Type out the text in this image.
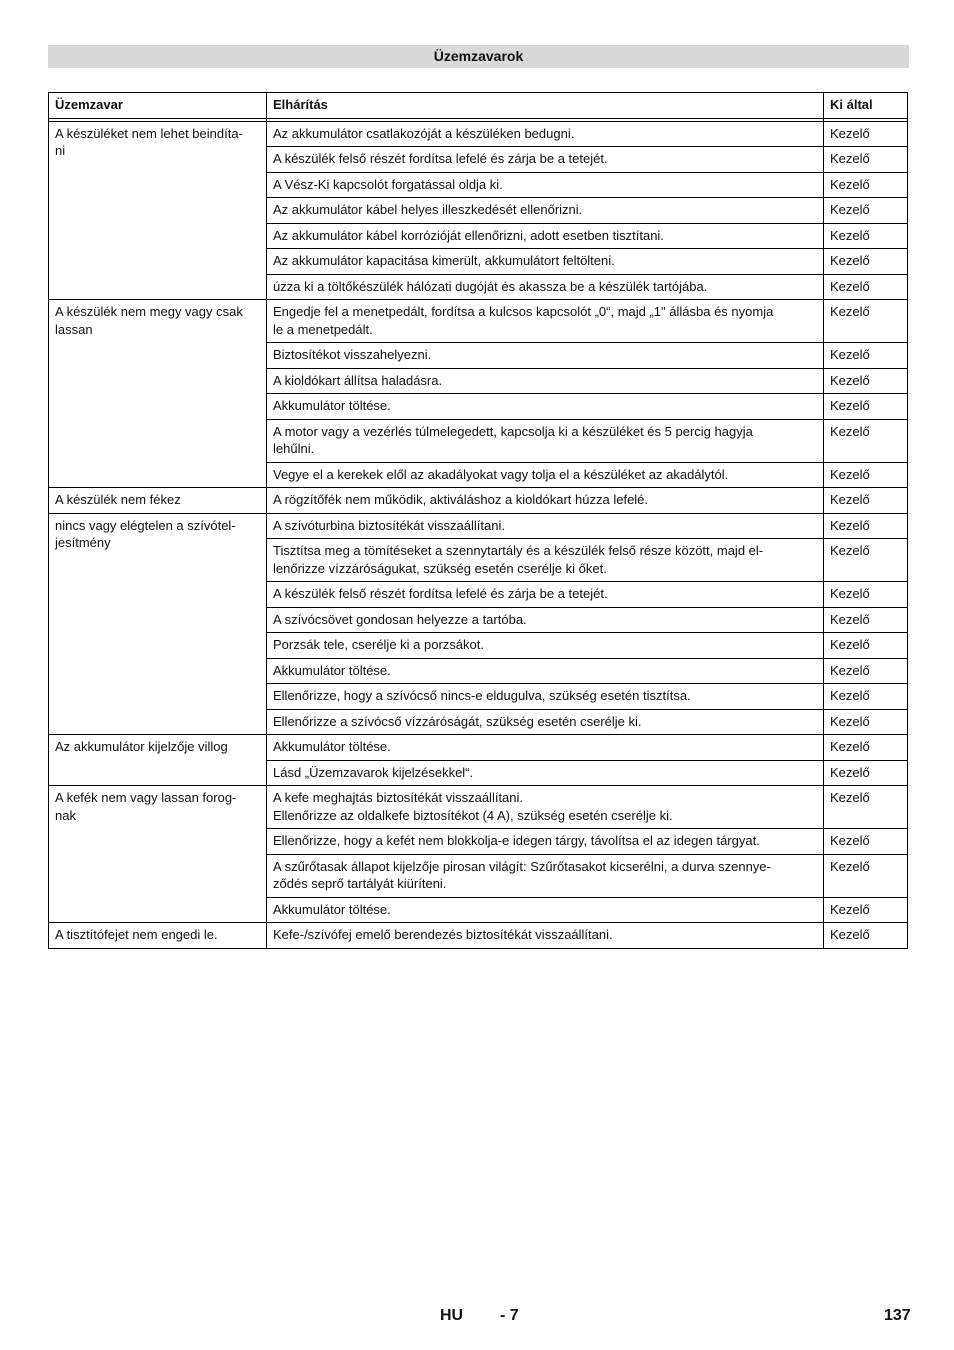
Üzemzavarok
Üzemzavar	Elhárítás	Ki által

A készüléket nem lehet beindíta-
ni	Az akkumulátor csatlakozóját a készüléken bedugni.	Kezelő
	A készülék felső részét fordítsa lefelé és zárja be a tetejét.	Kezelő
	A Vész-Ki kapcsolót forgatással oldja ki.	Kezelő
	Az akkumulátor kábel helyes illeszkedését ellenőrizni.	Kezelő
	Az akkumulátor kábel korrózióját ellenőrizni, adott esetben tisztítani.	Kezelő
	Az akkumulátor kapacitása kimerült, akkumulátort feltölteni.	Kezelő
	úzza ki a töltőkészülék hálózati dugóját és akassza be a készülék tartójába.	Kezelő
A készülék nem megy vagy csak
lassan	Engedje fel a menetpedált, fordítsa a kulcsos kapcsolót „0“, majd „1" állásba és nyomja
le a menetpedált.	Kezelő
	Biztosítékot visszahelyezni.	Kezelő
	A kioldókart állítsa haladásra.	Kezelő
	Akkumulátor töltése.	Kezelő
	A motor vagy a vezérlés túlmelegedett, kapcsolja ki a készüléket és 5 percig hagyja
lehűlni.	Kezelő
	Vegye el a kerekek elől az akadályokat vagy tolja el a készüléket az akadálytól.	Kezelő
A készülék nem fékez	A rögzítőfék nem működik, aktiváláshoz a kioldókart húzza lefelé.	Kezelő
nincs vagy elégtelen a szívótel-
jesítmény	A szívóturbina biztosítékát visszaállítani.	Kezelő
	Tisztítsa meg a tömítéseket a szennytartály és a készülék felső része között, majd el-
lenőrizze vízzáróságukat, szükség esetén cserélje ki őket.	Kezelő
	A készülék felső részét fordítsa lefelé és zárja be a tetejét.	Kezelő
	A szívócsövet gondosan helyezze a tartóba.	Kezelő
	Porzsák tele, cserélje ki a porzsákot.	Kezelő
	Akkumulátor töltése.	Kezelő
	Ellenőrizze, hogy a szívócső nincs-e eldugulva, szükség esetén tisztítsa.	Kezelő
	Ellenőrizze a szívócső vízzáróságát, szükség esetén cserélje ki.	Kezelő
Az akkumulátor kijelzője villog	Akkumulátor töltése.	Kezelő
	Lásd „Üzemzavarok kijelzésekkel“.	Kezelő
A kefék nem vagy lassan forog-
nak	A kefe meghajtás biztosítékát visszaállítani.
Ellenőrizze az oldalkefe biztosítékot (4 A), szükség esetén cserélje ki.	Kezelő
	Ellenőrizze, hogy a kefét nem blokkolja-e idegen tárgy, távolítsa el az idegen tárgyat.	Kezelő
	A szűrőtasak állapot kijelzője pirosan világít: Szűrőtasakot kicserélni, a durva szennye-
ződés seprő tartályát kiüríteni.	Kezelő
	Akkumulátor töltése.	Kezelő
A tisztítófejet nem engedi le.	Kefe-/szívófej emelő berendezés biztosítékát visszaállítani.	Kezelő
HU - 7	137
